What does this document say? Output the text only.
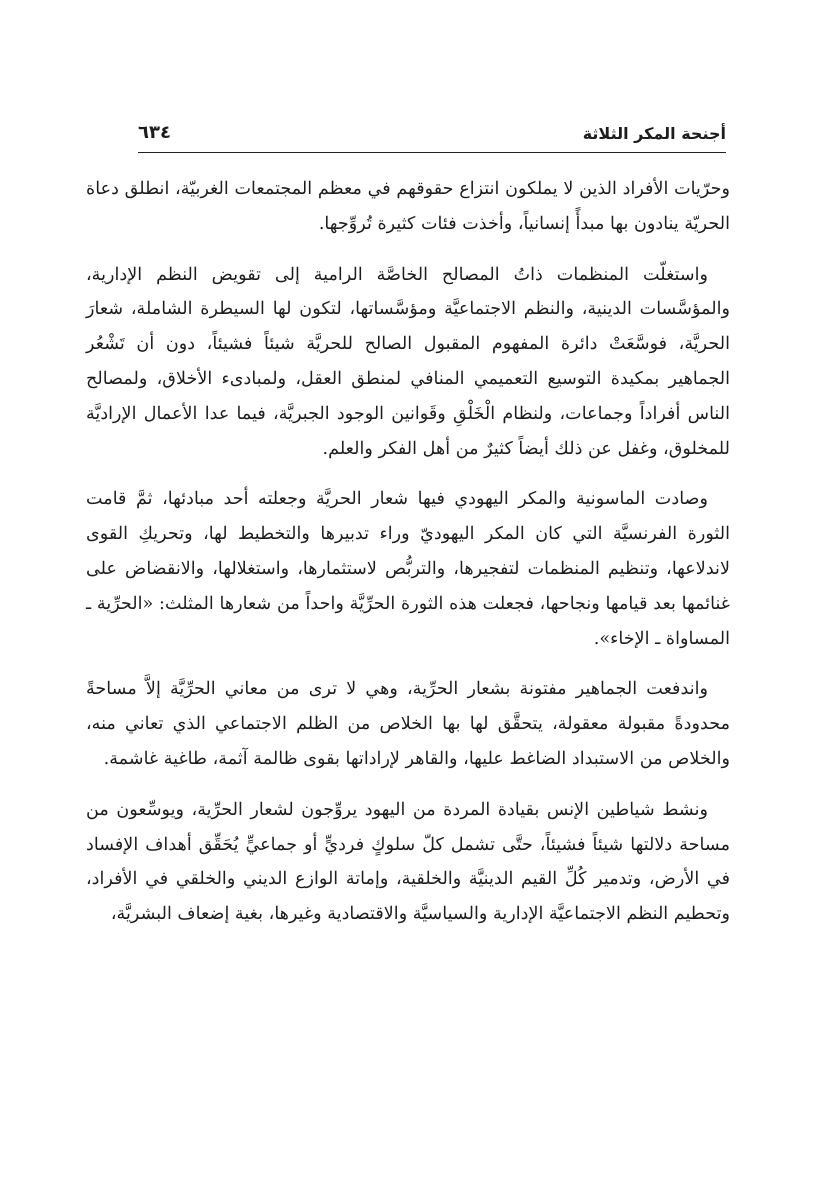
أجنحة المكر الثلاثة
٦٣٤

وحرّيات الأفراد الذين لا يملكون انتزاع حقوقهم في معظم المجتمعات الغربيّة، انطلق دعاة الحريّة ينادون بها مبدأً إنسانياً، وأخذت فئات كثيرة تُروِّجها.

واستغلّت المنظمات ذاتُ المصالح الخاصَّة الرامية إلى تقويض النظم الإدارية، والمؤسَّسات الدينية، والنظم الاجتماعيَّة ومؤسَّساتها، لتكون لها السيطرة الشاملة، شعارَ الحريَّة، فوسَّعَتْ دائرة المفهوم المقبول الصالح للحريَّة شيئاً فشيئاً، دون أن تَشْعُر الجماهير بمكيدة التوسيع التعميمي المنافي لمنطق العقل، ولمبادىء الأخلاق، ولمصالح الناس أفراداً وجماعات، ولنظام الْخَلْقِ وقَوانين الوجود الجبريَّة، فيما عدا الأعمال الإراديَّة للمخلوق، وغفل عن ذلك أيضاً كثيرٌ من أهل الفكر والعلم.

وصادت الماسونية والمكر اليهودي فيها شعار الحريَّة وجعلته أحد مبادئها، ثمَّ قامت الثورة الفرنسيَّة التي كان المكر اليهوديّ وراء تدبيرها والتخطيط لها، وتحريكِ القوى لاندلاعها، وتنظيم المنظمات لتفجيرها، والتربُّص لاستثمارها، واستغلالها، والانقضاض على غنائمها بعد قيامها ونجاحها، فجعلت هذه الثورة الحرِّيَّة واحداً من شعارها المثلث: «الحرِّية ـ المساواة ـ الإخاء».

واندفعت الجماهير مفتونة بشعار الحرِّية، وهي لا ترى من معاني الحرِّيَّة إلاَّ مساحةً محدودةً مقبولة معقولة، يتحقَّق لها بها الخلاص من الظلم الاجتماعي الذي تعاني منه، والخلاص من الاستبداد الضاغط عليها، والقاهر لإراداتها بقوى ظالمة آثمة، طاغية غاشمة.

ونشط شياطين الإنس بقيادة المردة من اليهود يروِّجون لشعار الحرِّية، ويوسِّعون من مساحة دلالتها شيئاً فشيئاً، حتَّى تشمل كلّ سلوكٍ فرديٍّ أو جماعيٍّ يُحَقِّق أهداف الإفساد في الأرض، وتدمير كُلِّ القيم الدينيَّة والخلقية، وإماتة الوازع الديني والخلقي في الأفراد، وتحطيم النظم الاجتماعيَّة الإدارية والسياسيَّة والاقتصادية وغيرها، بغية إضعاف البشريَّة،
